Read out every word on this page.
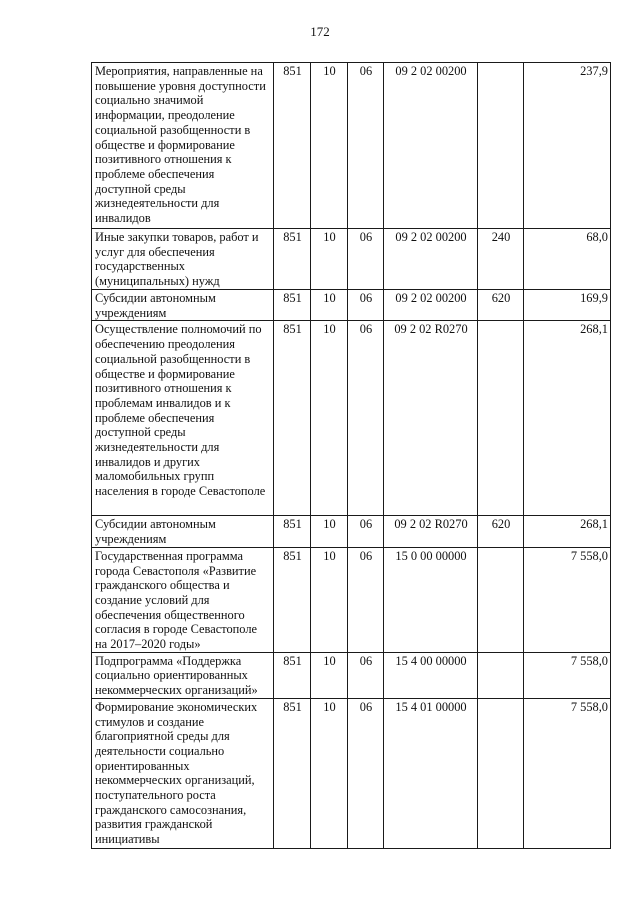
172
Мероприятия, направленные на повышение уровня доступности социально значимой информации, преодоление социальной разобщенности в обществе и формирование позитивного отношения к проблеме обеспечения доступной среды жизнедеятельности для инвалидов	851	10	06	09 2 02 00200		237,9
Иные закупки товаров, работ и услуг для обеспечения государственных (муниципальных) нужд	851	10	06	09 2 02 00200	240	68,0
Субсидии автономным учреждениям	851	10	06	09 2 02 00200	620	169,9
Осуществление полномочий по обеспечению преодоления социальной разобщенности в обществе и формирование позитивного отношения к проблемам инвалидов и к проблеме обеспечения доступной среды жизнедеятельности для инвалидов и других маломобильных групп населения в городе Севастополе	851	10	06	09 2 02 R0270		268,1
Субсидии автономным учреждениям	851	10	06	09 2 02 R0270	620	268,1
Государственная программа города Севастополя «Развитие гражданского общества и создание условий для обеспечения общественного согласия в городе Севастополе на 2017–2020 годы»	851	10	06	15 0 00 00000		7 558,0
Подпрограмма «Поддержка социально ориентированных некоммерческих организаций»	851	10	06	15 4 00 00000		7 558,0
Формирование экономических стимулов и создание благоприятной среды для деятельности социально ориентированных некоммерческих организаций, поступательного роста гражданского самосознания, развития гражданской инициативы	851	10	06	15 4 01 00000		7 558,0
